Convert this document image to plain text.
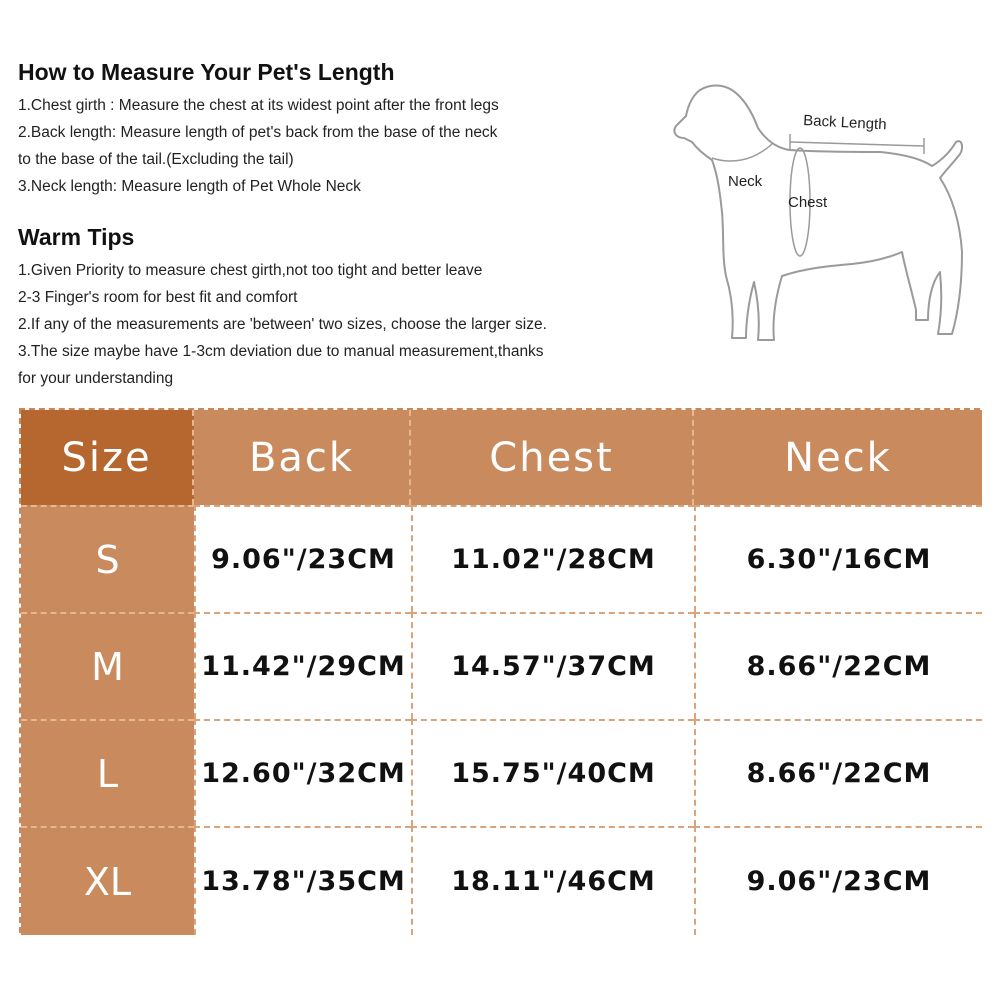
How to Measure Your Pet's Length

1.Chest girth : Measure the chest at its widest point after the front legs

2.Back length: Measure length of pet's back from the base of the neck

to the base of the tail.(Excluding the tail)

3.Neck length: Measure length of Pet Whole Neck

Warm Tips

1.Given Priority to measure chest girth,not too tight and better leave

2-3 Finger's room for best fit and comfort

2.If any of the measurements are 'between' two sizes, choose the larger size.

3.The size maybe have 1-3cm deviation due to manual measurement,thanks

for your understanding

Back Length
Neck
Chest
Size	Back	Chest	Neck
S	9.06"/23CM	11.02"/28CM	6.30"/16CM
M	11.42"/29CM	14.57"/37CM	8.66"/22CM
L	12.60"/32CM	15.75"/40CM	8.66"/22CM
XL	13.78"/35CM	18.11"/46CM	9.06"/23CM
